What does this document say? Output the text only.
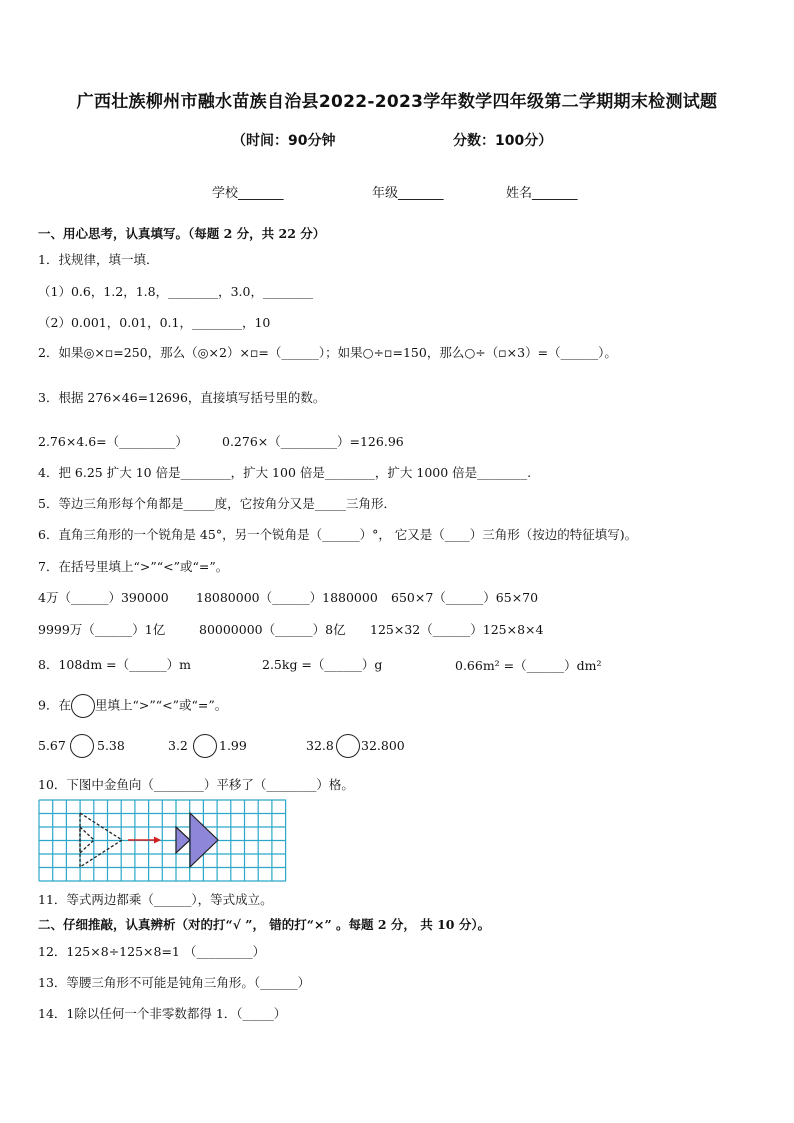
广西壮族柳州市融水苗族自治县2022-2023学年数学四年级第二学期期末检测试题
（时间：90分钟	分数：100分）
学校_______	年级_______	姓名_______
一、用心思考，认真填写。（每题 2 分，共 22 分）
1．找规律，填一填．
（1）0.6，1.2，1.8，________，3.0，________
（2）0.001，0.01，0.1，________，10
2．如果◎×▫=250，那么（◎×2）×▫=（______）；如果○÷▫=150，那么○÷（▫×3）=（______）。
3．根据 276×46=12696，直接填写括号里的数。
2.76×4.6=（_________）	0.276×（_________）=126.96
4．把 6.25 扩大 10 倍是________，扩大 100 倍是________，扩大 1000 倍是________.
5．等边三角形每个角都是_____度，它按角分又是_____三角形．
6．直角三角形的一个锐角是 45°，另一个锐角是（______）°， 它又是（____）三角形（按边的特征填写)。
7．在括号里填上“>”“<”或“=”。
4万（______）390000 18080000（______）1880000 650×7（______）65×70
9999万（______）1亿	80000000（______）8亿 125×32（______）125×8×4
8．108dm =（______）m	2.5kg =（______）g	0.66m² =（______）dm²
9．在 里填上“>”“<”或“=”。
5.67 5.38	3.2 1.99	32.8 32.800
10．下图中金鱼向（________）平移了（________）格。
11．等式两边都乘（______），等式成立。
二、仔细推敲，认真辨析（对的打“√ ”， 错的打“×” 。每题 2 分， 共 10 分）。
12．125×8÷125×8=1 （_________）
13．等腰三角形不可能是钝角三角形。（______）
14．1除以任何一个非零数都得 1．（_____）
